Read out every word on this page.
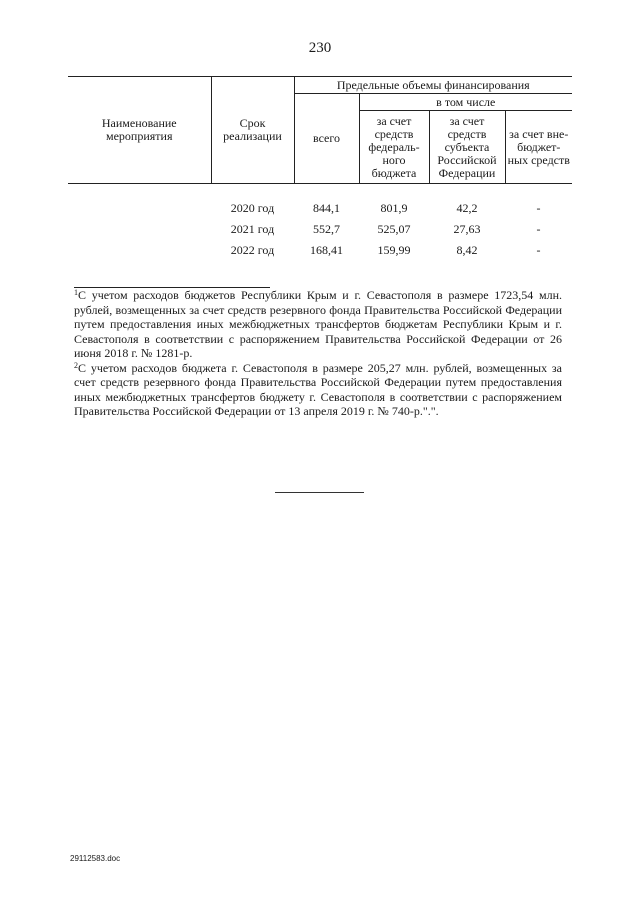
230
Наименование мероприятия	Срок реализации	Предельные объемы финансирования			
		всего	в том числе		
			за счет средств федераль-ного бюджета	за счет средств субъекта Российской Федерации	за счет вне-бюджет-ных средств
	2020 год	844,1	801,9	42,2	-
	2021 год	552,7	525,07	27,63	-
	2022 год	168,41	159,99	8,42	-

$^1$С учетом расходов бюджетов Республики Крым и г. Севастополя в размере 1723,54 млн. рублей, возмещенных за счет средств резервного фонда Правительства Российской Федерации путем предоставления иных межбюджетных трансфертов бюджетам Республики Крым и г. Севастополя в соответствии с распоряжением Правительства Российской Федерации от 26 июня 2018 г. № 1281-р.

$^2$С учетом расходов бюджета г. Севастополя в размере 205,27 млн. рублей, возмещенных за счет средств резервного фонда Правительства Российской Федерации путем предоставления иных межбюджетных трансфертов бюджету г. Севастополя в соответствии с распоряжением Правительства Российской Федерации от 13 апреля 2019 г. № 740-р.".".

29112583.doc
